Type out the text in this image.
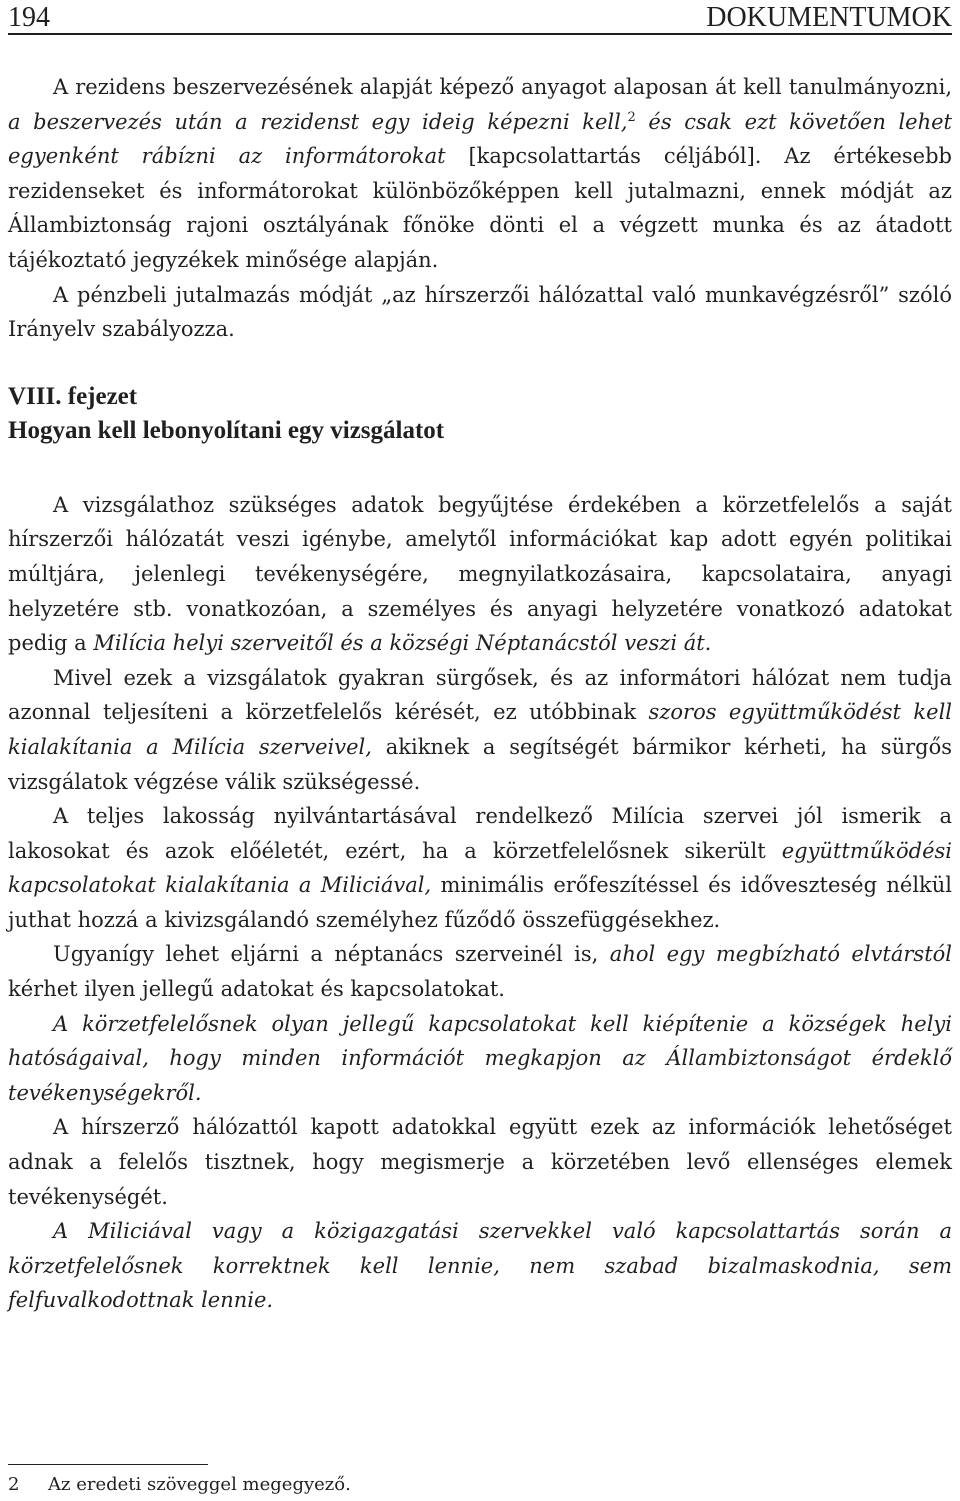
194	DOKUMENTUMOK

A rezidens beszervezésének alapját képező anyagot alaposan át kell tanulmányozni, a beszervezés után a rezidenst egy ideig képezni kell,$^2$ és csak ezt követően lehet egyenként rábízni az informátorokat [kapcsolattartás céljából]. Az értékesebb rezidenseket és informátorokat különbözőképpen kell jutalmazni, ennek módját az Állambiztonság rajoni osztályának főnöke dönti el a végzett munka és az átadott tájékoztató jegyzékek minősége alapján.

A pénzbeli jutalmazás módját „az hírszerzői hálózattal való munkavégzésről” szóló Irányelv szabályozza.

VIII. fejezet
Hogyan kell lebonyolítani egy vizsgálatot

A vizsgálathoz szükséges adatok begyűjtése érdekében a körzetfelelős a saját hírszerzői hálózatát veszi igénybe, amelytől információkat kap adott egyén politikai múltjára, jelenlegi tevékenységére, megnyilatkozásaira, kapcsolataira, anyagi helyzetére stb. vonatkozóan, a személyes és anyagi helyzetére vonatkozó adatokat pedig a Milícia helyi szerveitől és a községi Néptanácstól veszi át.

Mivel ezek a vizsgálatok gyakran sürgősek, és az informátori hálózat nem tudja azonnal teljesíteni a körzetfelelős kérését, ez utóbbinak szoros együttműködést kell kialakítania a Milícia szerveivel, akiknek a segítségét bármikor kérheti, ha sürgős vizsgálatok végzése válik szükségessé.

A teljes lakosság nyilvántartásával rendelkező Milícia szervei jól ismerik a lakosokat és azok előéletét, ezért, ha a körzetfelelősnek sikerült együttműködési kapcsolatokat kialakítania a Miliciával, minimális erőfeszítéssel és időveszteség nélkül juthat hozzá a kivizsgálandó személyhez fűződő összefüggésekhez.

Ugyanígy lehet eljárni a néptanács szerveinél is, ahol egy megbízható elvtárstól kérhet ilyen jellegű adatokat és kapcsolatokat.

A körzetfelelősnek olyan jellegű kapcsolatokat kell kiépítenie a községek helyi hatóságaival, hogy minden információt megkapjon az Állambiztonságot érdeklő tevékenységekről.

A hírszerző hálózattól kapott adatokkal együtt ezek az információk lehetőséget adnak a felelős tisztnek, hogy megismerje a körzetében levő ellenséges elemek tevékenységét.

A Miliciával vagy a közigazgatási szervekkel való kapcsolattartás során a körzetfelelősnek korrektnek kell lennie, nem szabad bizalmaskodnia, sem felfuvalkodottnak lennie.

2 Az eredeti szöveggel megegyező.
